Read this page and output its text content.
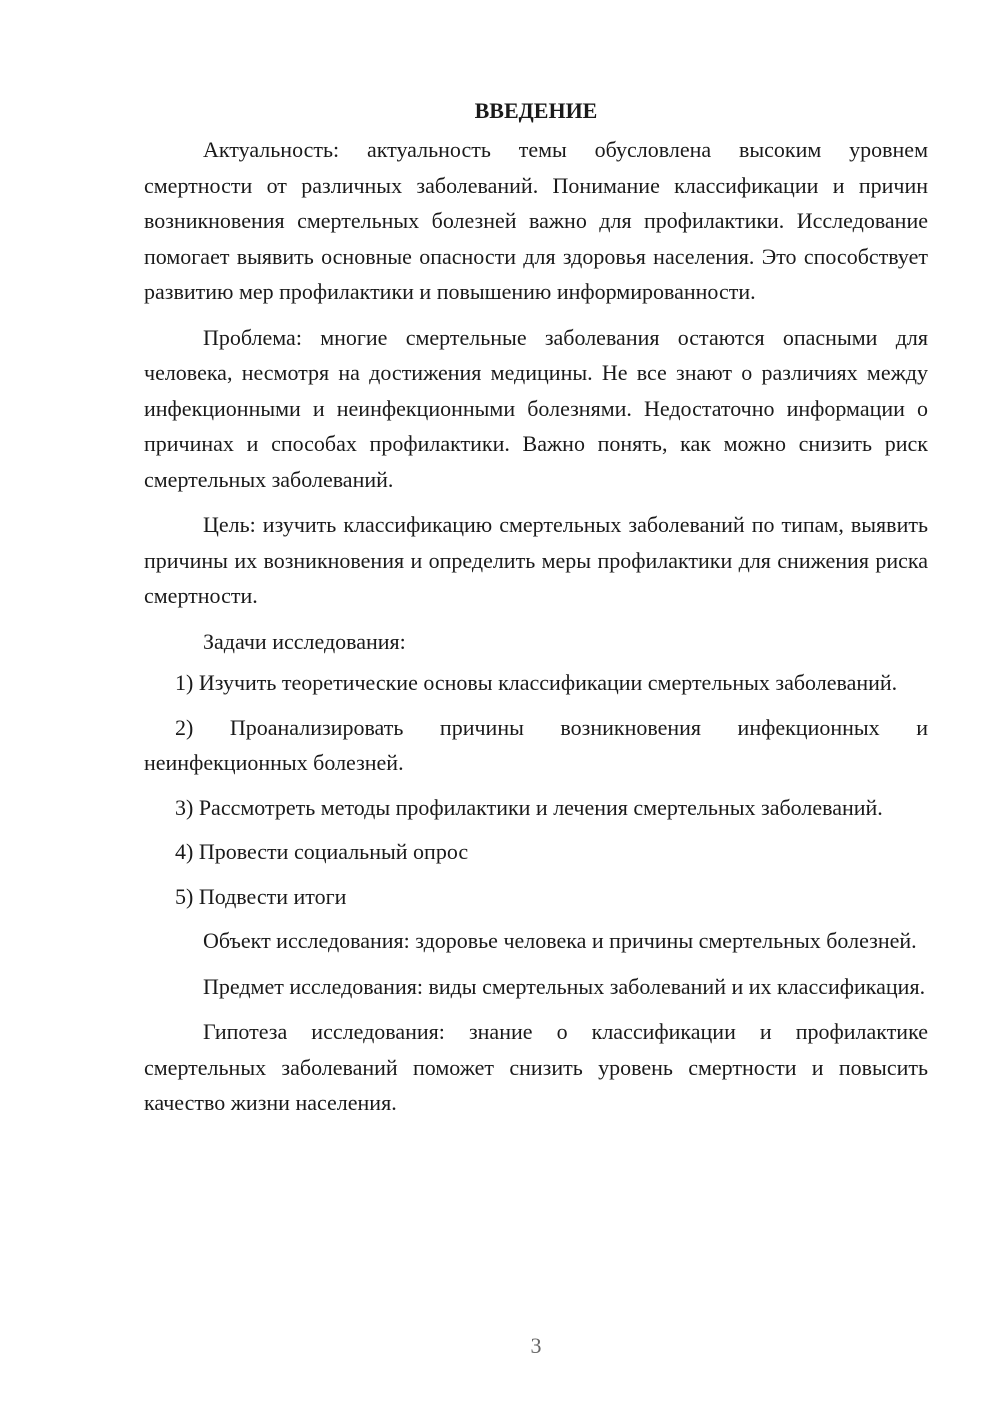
ВВЕДЕНИЕ

Актуальность: актуальность темы обусловлена высоким уровнем смертности от различных заболеваний. Понимание классификации и причин возникновения смертельных болезней важно для профилактики. Исследование помогает выявить основные опасности для здоровья населения. Это способствует развитию мер профилактики и повышению информированности.

Проблема: многие смертельные заболевания остаются опасными для человека, несмотря на достижения медицины. Не все знают о различиях между инфекционными и неинфекционными болезнями. Недостаточно информации о причинах и способах профилактики. Важно понять, как можно снизить риск смертельных заболеваний.

Цель: изучить классификацию смертельных заболеваний по типам, выявить причины их возникновения и определить меры профилактики для снижения риска смертности.

Задачи исследования:

1) Изучить теоретические основы классификации смертельных заболеваний.

2) Проанализировать причины возникновения инфекционных и неинфекционных болезней.

3) Рассмотреть методы профилактики и лечения смертельных заболеваний.

4) Провести социальный опрос

5) Подвести итоги

Объект исследования: здоровье человека и причины смертельных болезней.

Предмет исследования: виды смертельных заболеваний и их классификация.

Гипотеза исследования: знание о классификации и профилактике смертельных заболеваний поможет снизить уровень смертности и повысить качество жизни населения.

3
